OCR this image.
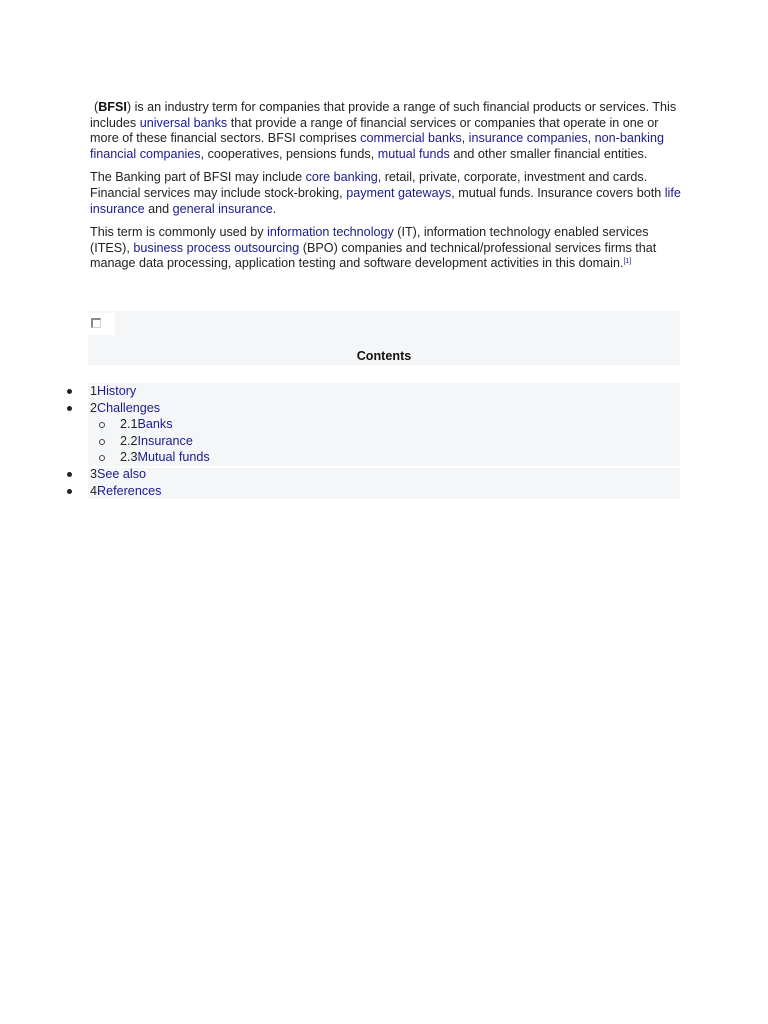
(BFSI) is an industry term for companies that provide a range of such financial products or services. This includes universal banks that provide a range of financial services or companies that operate in one or more of these financial sectors. BFSI comprises commercial banks, insurance companies, non-banking financial companies, cooperatives, pensions funds, mutual funds and other smaller financial entities.

The Banking part of BFSI may include core banking, retail, private, corporate, investment and cards. Financial services may include stock-broking, payment gateways, mutual funds. Insurance covers both life insurance and general insurance.

This term is commonly used by information technology (IT), information technology enabled services (ITES), business process outsourcing (BPO) companies and technical/professional services firms that manage data processing, application testing and software development activities in this domain.[1]

Contents
1History
2Challenges
2.1Banks
2.2Insurance
2.3Mutual funds
3See also
4References
